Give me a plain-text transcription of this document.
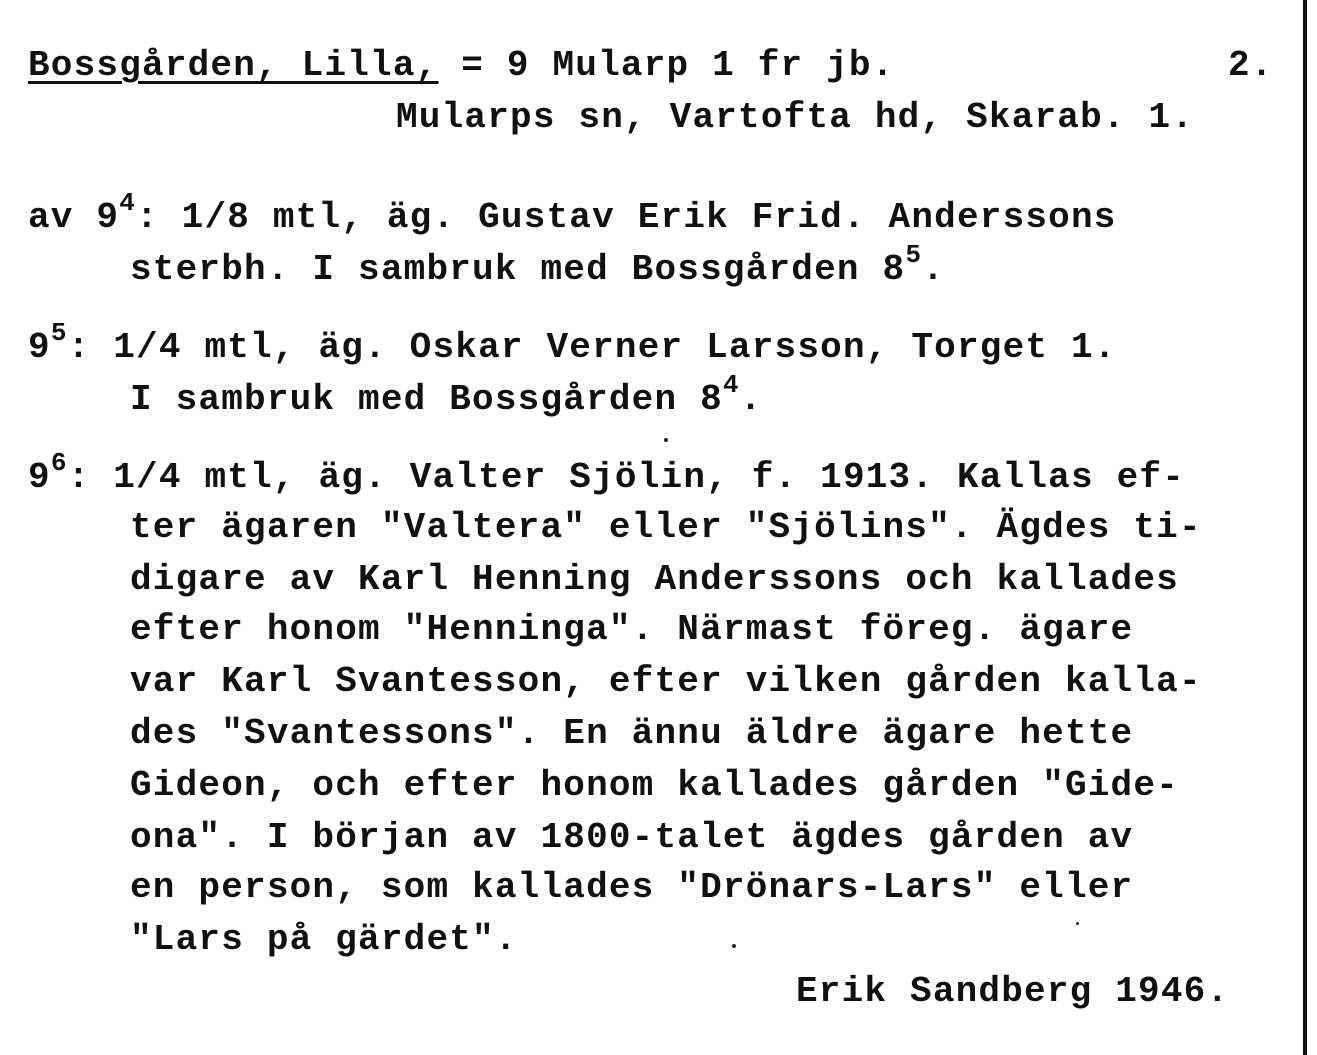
Bossgården, Lilla, = 9 Mularp 1 fr jb.	2.
Mularps sn, Vartofta hd, Skarab. 1.
av $9^4$: 1/8 mtl, äg. Gustav Erik Frid. Anderssons
sterbh. I sambruk med Bossgården $8^5$.
$9^5$: 1/4 mtl, äg. Oskar Verner Larsson, Torget 1.
I sambruk med Bossgården $8^4$.
$9^6$: 1/4 mtl, äg. Valter Sjölin, f. 1913. Kallas ef-
ter ägaren "Valtera" eller "Sjölins". Ägdes ti-
digare av Karl Henning Anderssons och kallades
efter honom "Henninga". Närmast föreg. ägare
var Karl Svantesson, efter vilken gården kalla-
des "Svantessons". En ännu äldre ägare hette
Gideon, och efter honom kallades gården "Gide-
ona". I början av 1800-talet ägdes gården av
en person, som kallades "Drönars-Lars" eller
"Lars på gärdet".
Erik Sandberg 1946.
